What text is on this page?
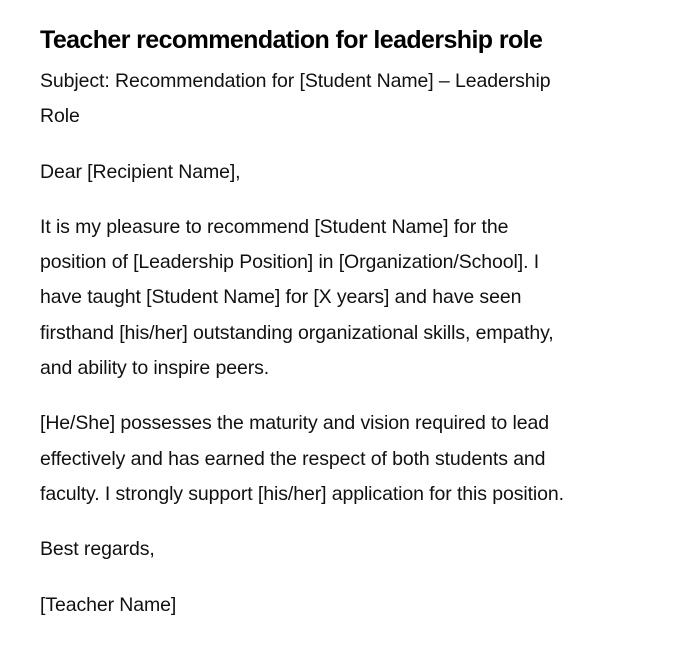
Teacher recommendation for leadership role

Subject: Recommendation for [Student Name] – Leadership
Role

Dear [Recipient Name],

It is my pleasure to recommend [Student Name] for the
position of [Leadership Position] in [Organization/School]. I
have taught [Student Name] for [X years] and have seen
firsthand [his/her] outstanding organizational skills, empathy,
and ability to inspire peers.

[He/She] possesses the maturity and vision required to lead
effectively and has earned the respect of both students and
faculty. I strongly support [his/her] application for this position.

Best regards,

[Teacher Name]
